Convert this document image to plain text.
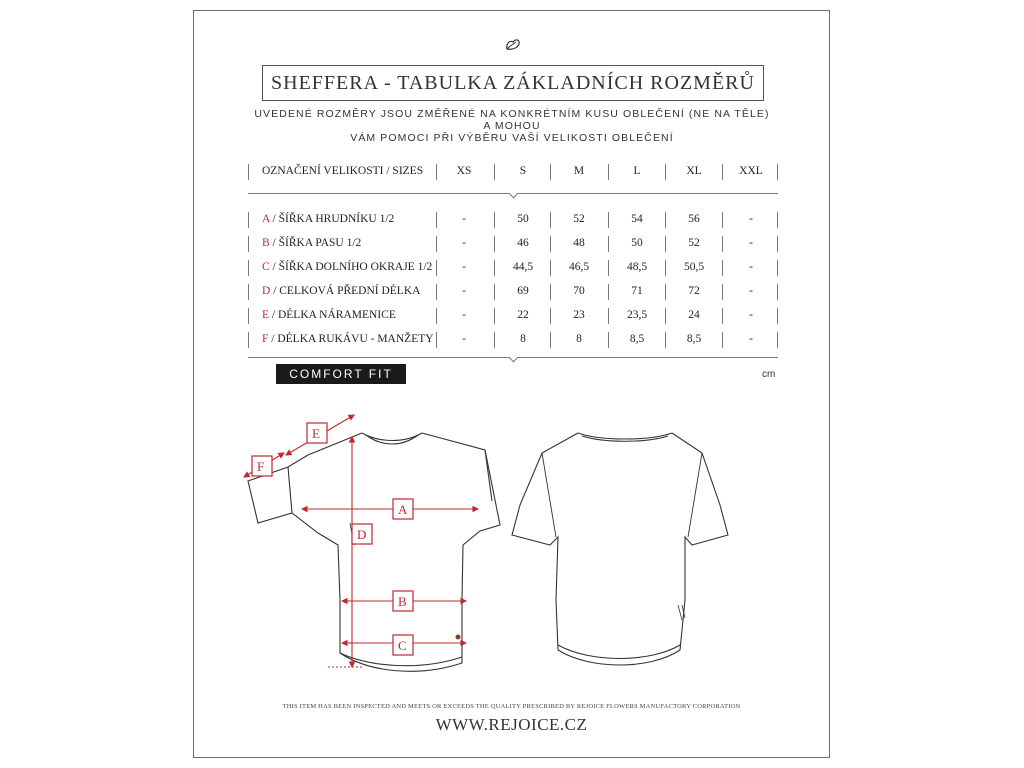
SHEFFERA - TABULKA ZÁKLADNÍCH ROZMĚRŮ
UVEDENÉ ROZMĚRY JSOU ZMĚŘENÉ NA KONKRÉTNÍM KUSU OBLEČENÍ (NE NA TĚLE) A MOHOU
VÁM POMOCI PŘI VÝBĚRU VAŠÍ VELIKOSTI OBLEČENÍ
OZNAČENÍ VELIKOSTI / SIZES	XS	S	M	L	XL	XXL
A / ŠÍŘKA HRUDNÍKU 1/2	-	50	52	54	56	-
B / ŠÍŘKA PASU 1/2	-	46	48	50	52	-
C / ŠÍŘKA DOLNÍHO OKRAJE 1/2	-	44,5	46,5	48,5	50,5	-
D / CELKOVÁ PŘEDNÍ DÉLKA	-	69	70	71	72	-
E / DÉLKA NÁRAMENICE	-	22	23	23,5	24	-
F / DÉLKA RUKÁVU - MANŽETY	-	8	8	8,5	8,5	-
COMFORT FIT	cm
A
B
C
D
E
F
THIS ITEM HAS BEEN INSPECTED AND MEETS OR EXCEEDS THE QUALITY PRESCRIBED BY REJOICE FLOWERS MANUFACTORY CORPORATION
WWW.REJOICE.CZ
